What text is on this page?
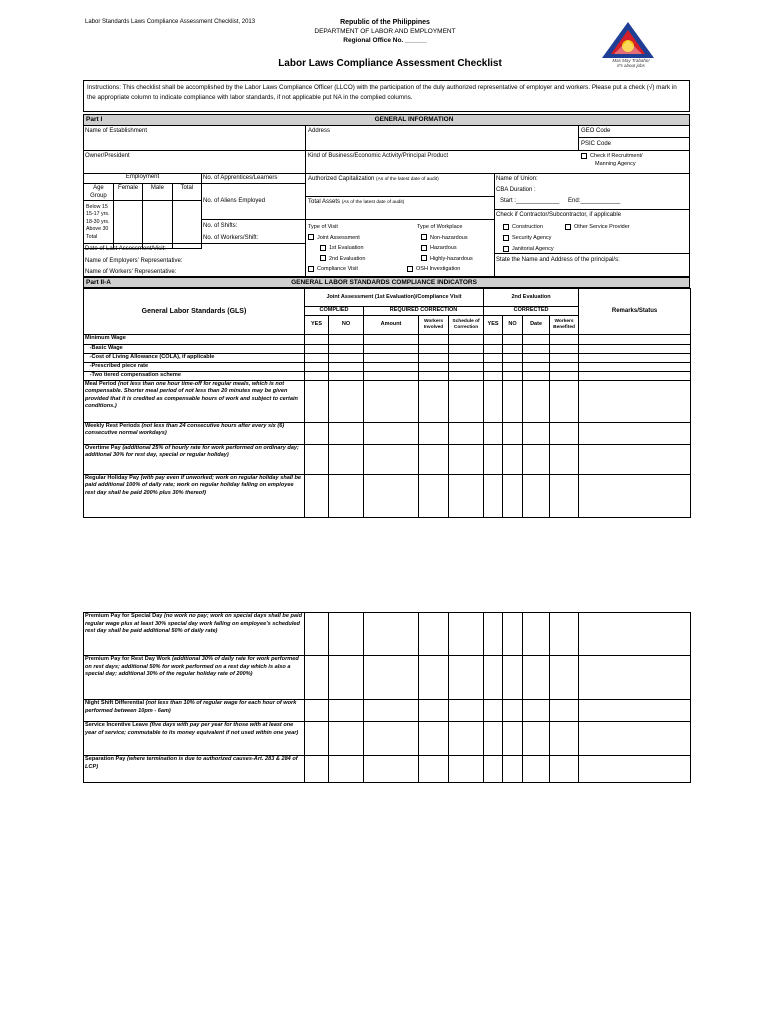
Labor Standards Laws Compliance Assessment Checklist, 2013	Republic of the Philippines
DEPARTMENT OF LABOR AND EMPLOYMENT
Regional Office No. ______
Labor Laws Compliance Assessment Checklist	Mas May Trabaho!
It's about jobs
Instructions: This checklist shall be accomplished by the Labor Laws Compliance Officer (LLCO) with the participation of the duly authorized representative of employer and workers. Please put a check (√) mark in the appropriate column to indicate compliance with labor standards, if not applicable put NA in the complied columns.
Part I	GENERAL INFORMATION
Name of Establishment	Address	GEO Code
PSIC Code
Owner/President	Kind of Business/Economic Activity/Principal Product	Check if Recruitment/
Manning Agency
Employment			
Age Group	Female	Male	Total

Below 15
15-17 yrs.
18-30 yrs.
Above 30
Total			

No. of Apprentices/Learners
No. of Aliens Employed
No. of Shifts:
No. of Workers/Shift:
Date of Last Assessment/Visit:
Name of Employers' Representative:
Name of Workers' Representative:
Authorized Capitalization (As of the latest date of audit)
Total Assets (As of the latest date of audit)
Type of Visit
Joint Assessment
1st Evaluation
2nd Evaluation
Compliance Visit
Type of Workplace
Non-hazardous
Hazardous
Highly-hazardous
OSH Investigation
Name of Union:
CBA Duration :
Start :_____________ End:____________
Check if Contractor/Subcontractor, if applicable
Construction
Security Agency
Janitorial Agency
Other Service Provider
State the Name and Address of the principal/s:
Part II-A	GENERAL LABOR STANDARDS COMPLIANCE INDICATORS
General Labor Standards (GLS)	Joint Assessment (1st Evaluation)/Compliance Visit					2nd Evaluation				Remarks/Status
	COMPLIED		REQUIRED CORRECTION			CORRECTED				
	YES	NO	Amount	Workers Involved	Schedule of Correction	YES	NO	Date	Workers Benefited	
Minimum Wage										
-Basic Wage										
-Cost of Living Allowance (COLA), if applicable										
-Prescribed piece rate										
-Two tiered compensation scheme										
Meal Period (not less than one hour time-off for regular meals, which is not compensable. Shorter meal period of not less than 20 minutes may be given provided that it is credited as compensable hours of work and subject to certain conditions.)										
Weekly Rest Periods (not less than 24 consecutive hours after every six (6) consecutive normal workdays)										
Overtime Pay (additional 25% of hourly rate for work performed on ordinary day; additional 30% for rest day, special or regular holiday)										
Regular Holiday Pay (with pay even if unworked; work on regular holiday shall be paid additional 100% of daily rate; work on regular holiday falling on employee rest day shall be paid 200% plus 30% thereof)										
Premium Pay for Special Day (no work no pay; work on special days shall be paid regular wage plus at least 30% special day work falling on employee's scheduled rest day shall be paid additional 50% of daily rate)										
Premium Pay for Rest Day Work (additional 30% of daily rate for work performed on rest days; additional 50% for work performed on a rest day which is also a special day; additional 30% of the regular holiday rate of 200%)										
Night Shift Differential (not less than 10% of regular wage for each hour of work performed between 10pm - 6am)										
Service Incentive Leave (five days with pay per year for those with at least one year of service; commutable to its money equivalent if not used within one year)										
Separation Pay (where termination is due to authorized causes-Art. 283 & 284 of LCP)										
